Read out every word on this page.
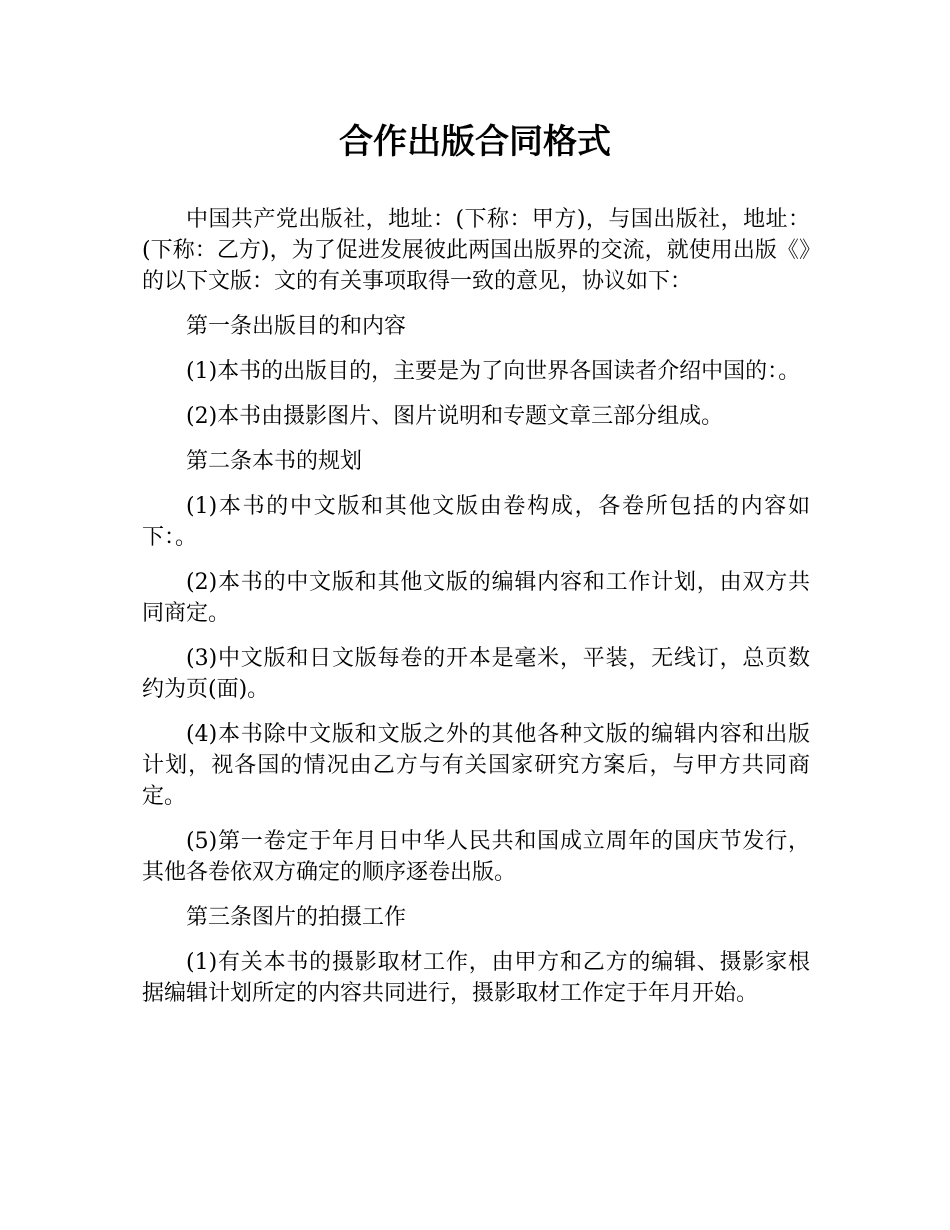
合作出版合同格式

中国共产党出版社，地址：(下称：甲方)，与国出版社，地址：(下称：乙方)，为了促进发展彼此两国出版界的交流，就使用出版《》的以下文版：文的有关事项取得一致的意见，协议如下：

第一条出版目的和内容

(1)本书的出版目的，主要是为了向世界各国读者介绍中国的：。

(2)本书由摄影图片、图片说明和专题文章三部分组成。

第二条本书的规划

(1)本书的中文版和其他文版由卷构成，各卷所包括的内容如下：。

(2)本书的中文版和其他文版的编辑内容和工作计划，由双方共同商定。

(3)中文版和日文版每卷的开本是毫米，平装，无线订，总页数约为页(面)。

(4)本书除中文版和文版之外的其他各种文版的编辑内容和出版计划，视各国的情况由乙方与有关国家研究方案后，与甲方共同商定。

(5)第一卷定于年月日中华人民共和国成立周年的国庆节发行，其他各卷依双方确定的顺序逐卷出版。

第三条图片的拍摄工作

(1)有关本书的摄影取材工作，由甲方和乙方的编辑、摄影家根据编辑计划所定的内容共同进行，摄影取材工作定于年月开始。
